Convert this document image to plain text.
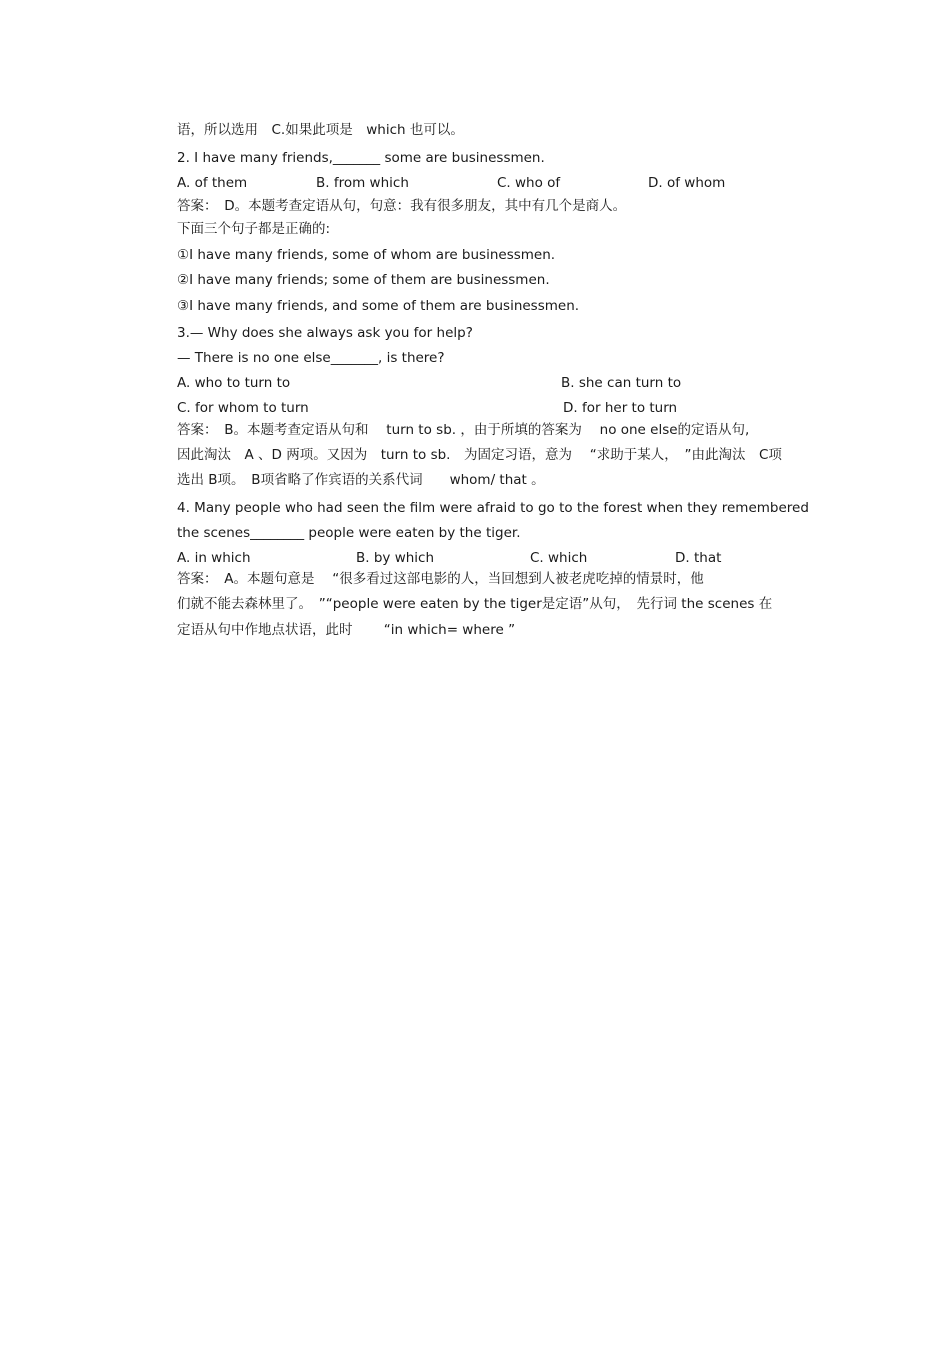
语，所以选用　C.如果此项是　which 也可以。
2. I have many friends,_______ some are businessmen.
A. of them	B. from which	C. who of	D. of whom
答案：　D。本题考查定语从句，句意：我有很多朋友，其中有几个是商人。
下面三个句子都是正确的:
①I have many friends, some of whom are businessmen.
②I have many friends; some of them are businessmen.
③I have many friends, and some of them are businessmen.
3.— Why does she always ask you for help?
— There is no one else_______, is there?
A. who to turn to	B. she can turn to
C. for whom to turn	D. for her to turn
答案：　B。本题考查定语从句和　 turn to sb. ，由于所填的答案为　 no one else的定语从句,
因此淘汰　A 、D 两项。又因为　turn to sb.　为固定习语，意为　 “求助于某人，　”由此淘汰　C项
选出 B项。　B项省略了作宾语的关系代词　　whom/ that 。
4. Many people who had seen the film were afraid to go to the forest when they remembered
the scenes________ people were eaten by the tiger.
A. in which	B. by which	C. which	D. that
答案：　A。本题句意是　 “很多看过这部电影的人，当回想到人被老虎吃掉的情景时，他
们就不能去森林里了。　”“people were eaten by the tiger是定语”从句，　先行词 the scenes 在
定语从句中作地点状语，此时　　 “in which= where ”
